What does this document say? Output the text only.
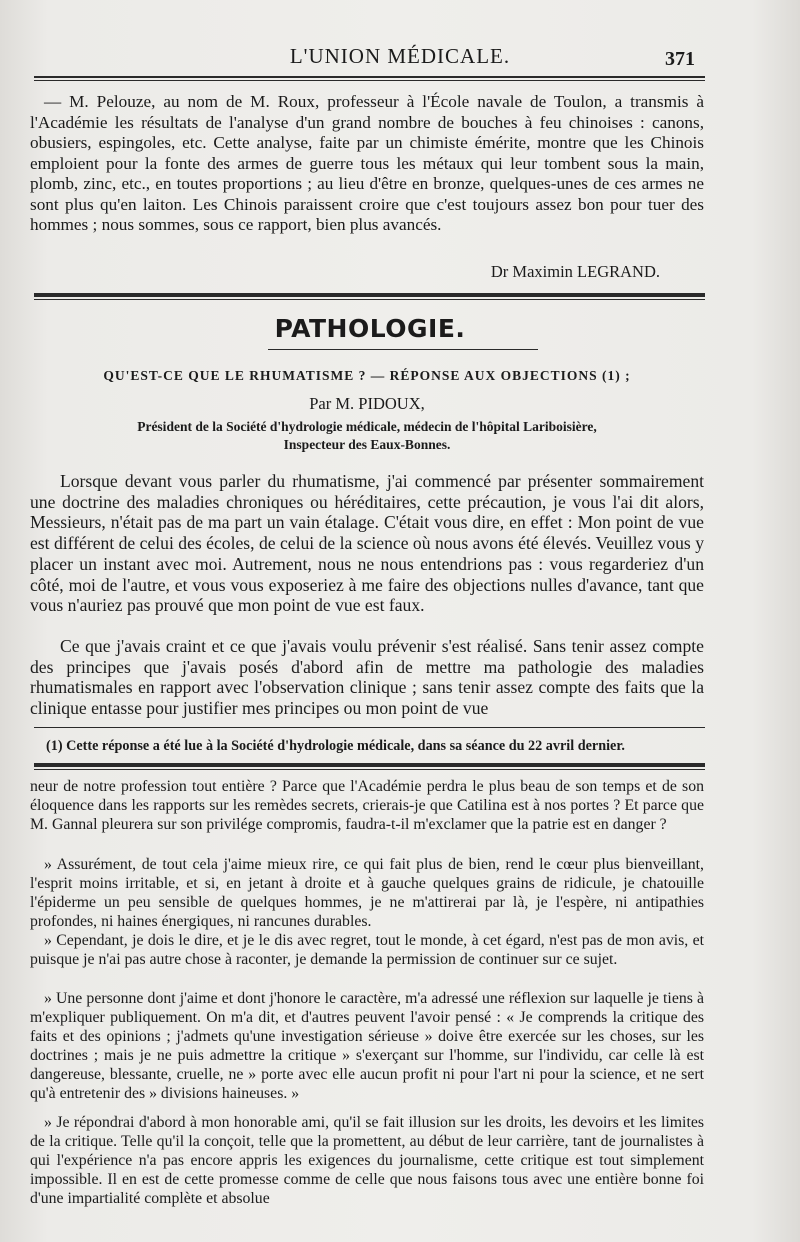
L'UNION MÉDICALE.	371

— M. Pelouze, au nom de M. Roux, professeur à l'École navale de Toulon, a transmis à l'Académie les résultats de l'analyse d'un grand nombre de bouches à feu chinoises : canons, obusiers, espingoles, etc. Cette analyse, faite par un chimiste émérite, montre que les Chinois emploient pour la fonte des armes de guerre tous les métaux qui leur tombent sous la main, plomb, zinc, etc., en toutes proportions ; au lieu d'être en bronze, quelques-unes de ces armes ne sont plus qu'en laiton. Les Chinois paraissent croire que c'est toujours assez bon pour tuer des hommes ; nous sommes, sous ce rapport, bien plus avancés.

Dr Maximin LEGRAND.
PATHOLOGIE.
QU'EST-CE QUE LE RHUMATISME ? — RÉPONSE AUX OBJECTIONS (1) ;
Par M. PIDOUX,
Président de la Société d'hydrologie médicale, médecin de l'hôpital Lariboisière,
Inspecteur des Eaux-Bonnes.

Lorsque devant vous parler du rhumatisme, j'ai commencé par présenter sommairement une doctrine des maladies chroniques ou héréditaires, cette précaution, je vous l'ai dit alors, Messieurs, n'était pas de ma part un vain étalage. C'était vous dire, en effet : Mon point de vue est différent de celui des écoles, de celui de la science où nous avons été élevés. Veuillez vous y placer un instant avec moi. Autrement, nous ne nous entendrions pas : vous regarderiez d'un côté, moi de l'autre, et vous vous exposeriez à me faire des objections nulles d'avance, tant que vous n'auriez pas prouvé que mon point de vue est faux.

Ce que j'avais craint et ce que j'avais voulu prévenir s'est réalisé. Sans tenir assez compte des principes que j'avais posés d'abord afin de mettre ma pathologie des maladies rhumatismales en rapport avec l'observation clinique ; sans tenir assez compte des faits que la clinique entasse pour justifier mes principes ou mon point de vue

(1) Cette réponse a été lue à la Société d'hydrologie médicale, dans sa séance du 22 avril dernier.

neur de notre profession tout entière ? Parce que l'Académie perdra le plus beau de son temps et de son éloquence dans les rapports sur les remèdes secrets, crierais-je que Catilina est à nos portes ? Et parce que M. Gannal pleurera sur son privilége compromis, faudra-t-il m'exclamer que la patrie est en danger ?

» Assurément, de tout cela j'aime mieux rire, ce qui fait plus de bien, rend le cœur plus bienveillant, l'esprit moins irritable, et si, en jetant à droite et à gauche quelques grains de ridicule, je chatouille l'épiderme un peu sensible de quelques hommes, je ne m'attirerai par là, je l'espère, ni antipathies profondes, ni haines énergiques, ni rancunes durables.

» Cependant, je dois le dire, et je le dis avec regret, tout le monde, à cet égard, n'est pas de mon avis, et puisque je n'ai pas autre chose à raconter, je demande la permission de continuer sur ce sujet.

» Une personne dont j'aime et dont j'honore le caractère, m'a adressé une réflexion sur laquelle je tiens à m'expliquer publiquement. On m'a dit, et d'autres peuvent l'avoir pensé : « Je comprends la critique des faits et des opinions ; j'admets qu'une investigation sérieuse » doive être exercée sur les choses, sur les doctrines ; mais je ne puis admettre la critique » s'exerçant sur l'homme, sur l'individu, car celle là est dangereuse, blessante, cruelle, ne » porte avec elle aucun profit ni pour l'art ni pour la science, et ne sert qu'à entretenir des » divisions haineuses. »

» Je répondrai d'abord à mon honorable ami, qu'il se fait illusion sur les droits, les devoirs et les limites de la critique. Telle qu'il la conçoit, telle que la promettent, au début de leur carrière, tant de journalistes à qui l'expérience n'a pas encore appris les exigences du journalisme, cette critique est tout simplement impossible. Il en est de cette promesse comme de celle que nous faisons tous avec une entière bonne foi d'une impartialité complète et absolue
